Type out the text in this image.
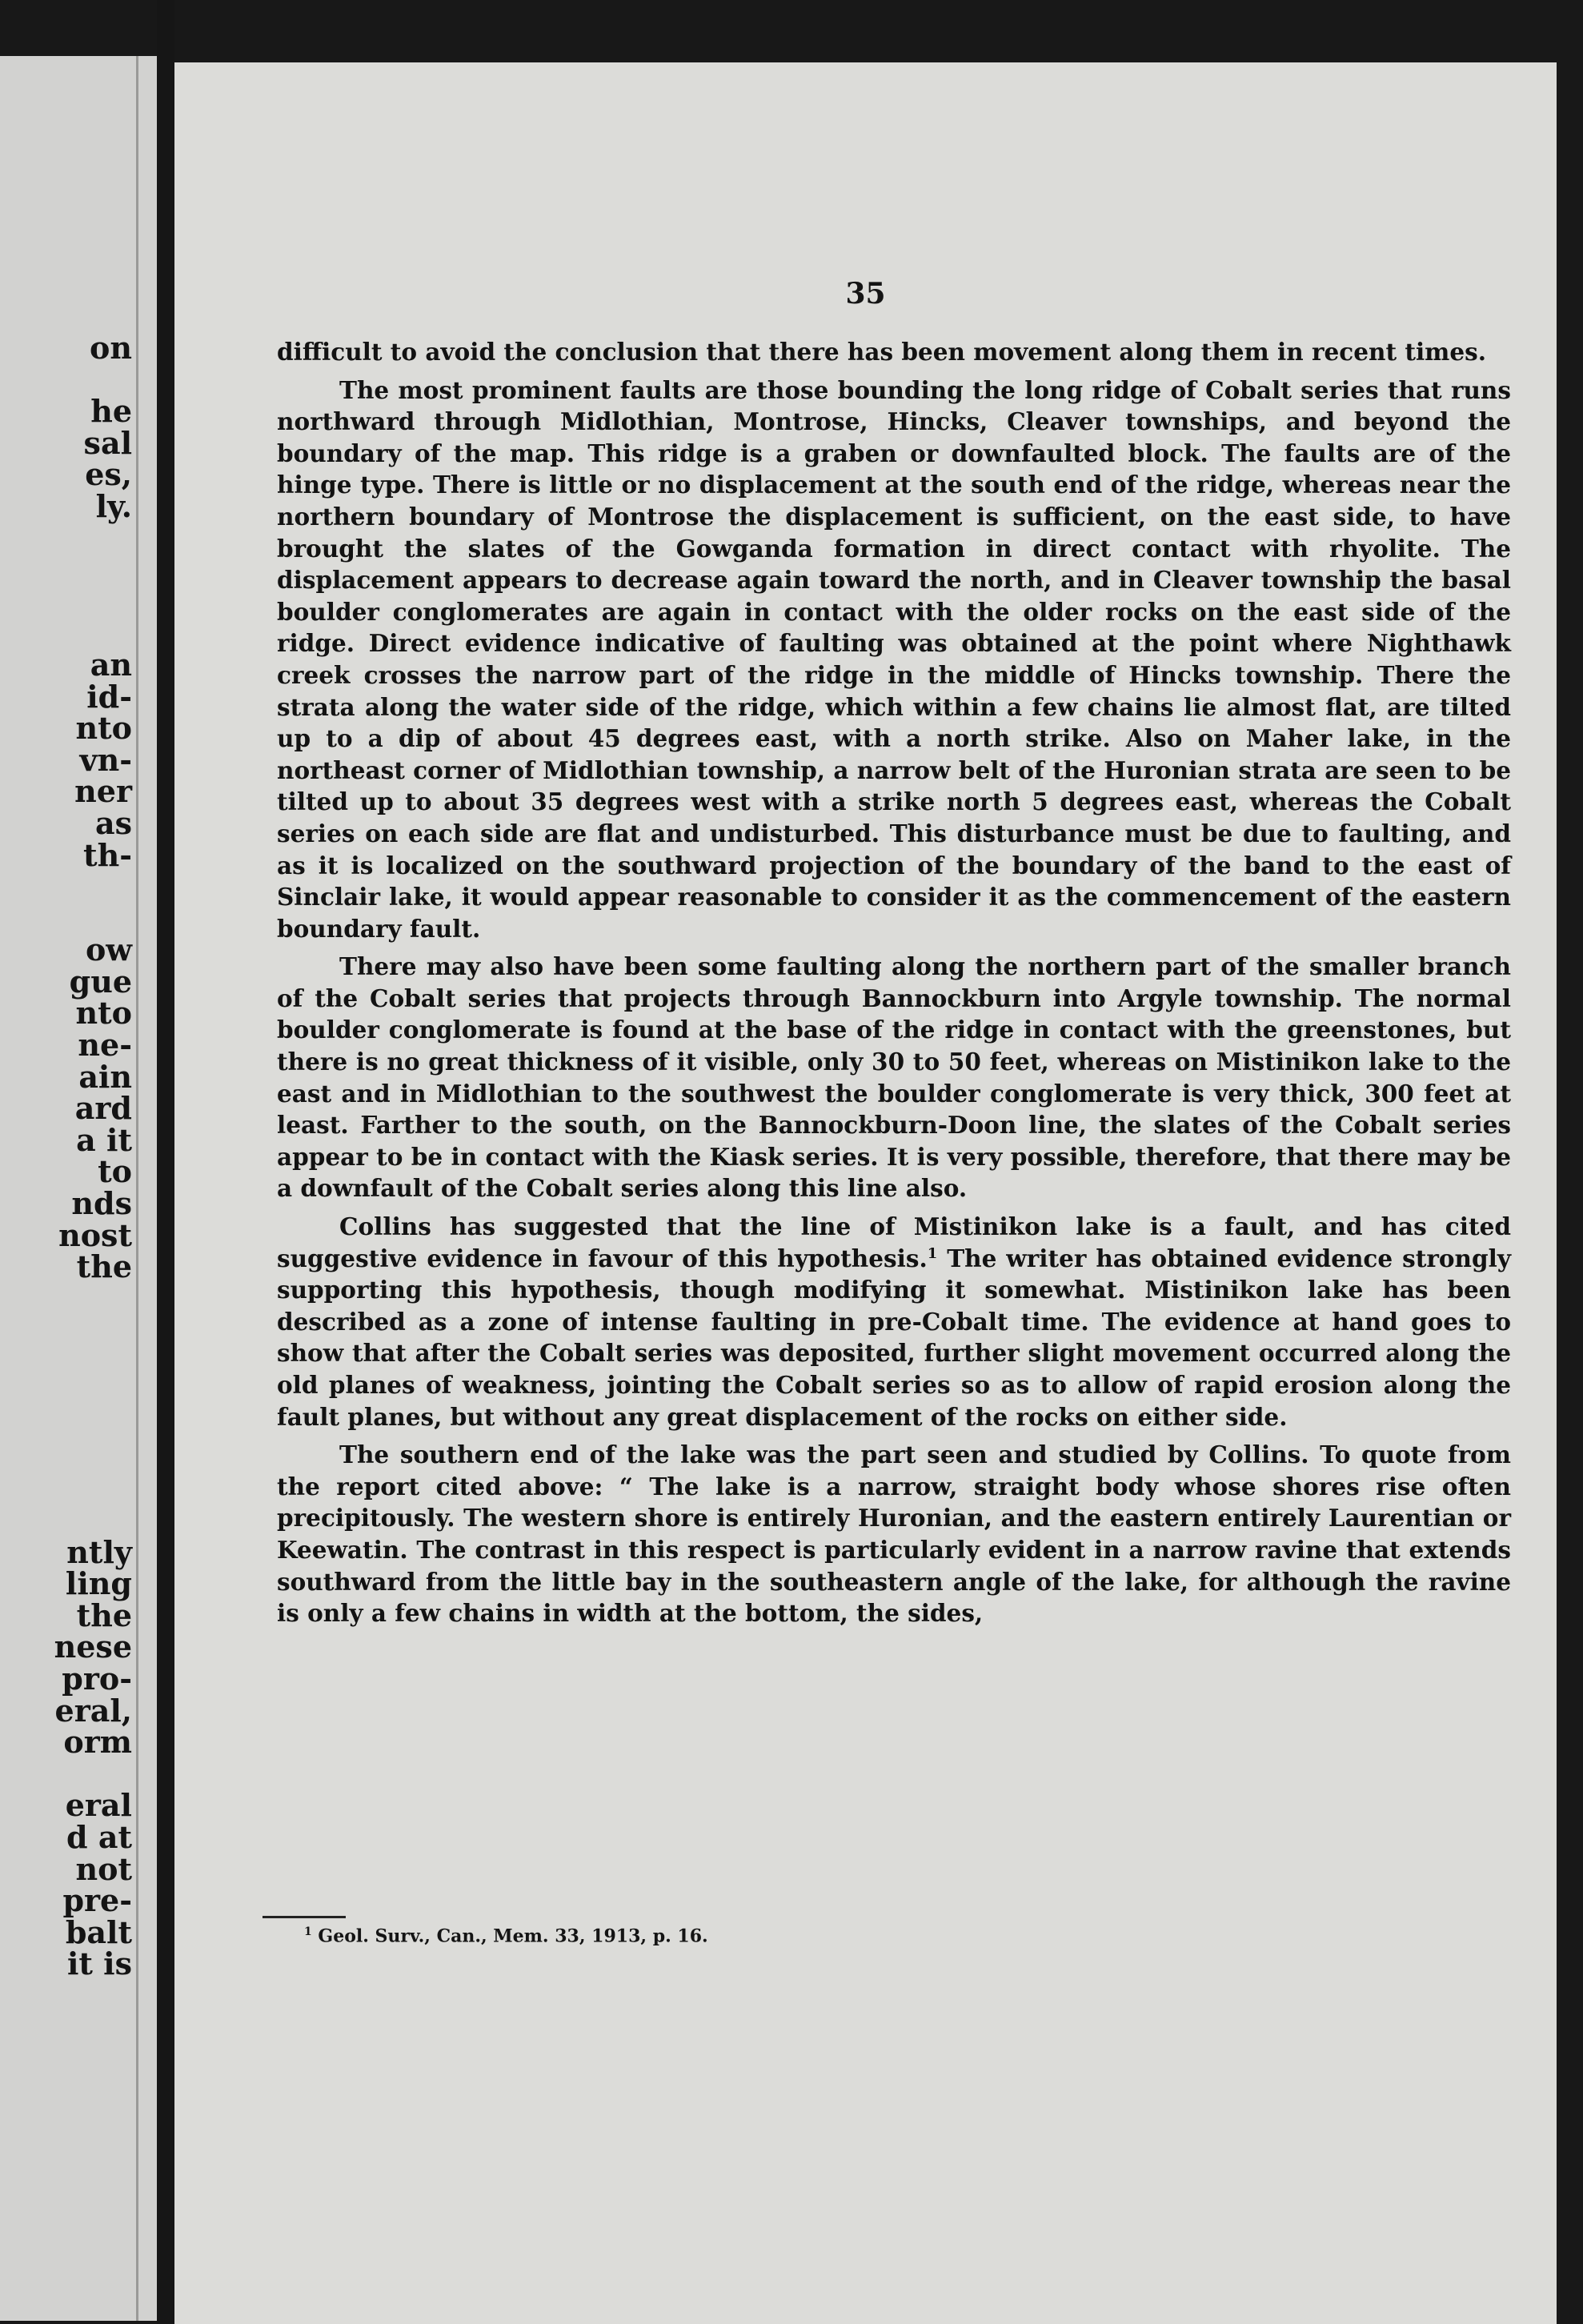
on
he
sal
es,
ly.
an
id-
nto
vn-
ner
as
th-
ow
gue
nto
ne-
ain
ard
a it
to
nds
nost
the
ntly
ling
the
nese
pro-
eral,
orm
eral
d at
not
pre-
balt
it is
35

difficult to avoid the conclusion that there has been movement along them in recent times.

The most prominent faults are those bounding the long ridge of Cobalt series that runs northward through Midlothian, Montrose, Hincks, Cleaver townships, and beyond the boundary of the map. This ridge is a graben or downfaulted block. The faults are of the hinge type. There is little or no displacement at the south end of the ridge, whereas near the northern boundary of Montrose the displacement is sufficient, on the east side, to have brought the slates of the Gowganda formation in direct contact with rhyolite. The displacement appears to decrease again toward the north, and in Cleaver township the basal boulder conglomerates are again in contact with the older rocks on the east side of the ridge. Direct evidence indicative of faulting was obtained at the point where Nighthawk creek crosses the narrow part of the ridge in the middle of Hincks township. There the strata along the water side of the ridge, which within a few chains lie almost flat, are tilted up to a dip of about 45 degrees east, with a north strike. Also on Maher lake, in the northeast corner of Midlothian township, a narrow belt of the Huronian strata are seen to be tilted up to about 35 degrees west with a strike north 5 degrees east, whereas the Cobalt series on each side are flat and undisturbed. This disturbance must be due to faulting, and as it is localized on the southward projection of the boundary of the band to the east of Sinclair lake, it would appear reasonable to consider it as the commencement of the eastern boundary fault.

There may also have been some faulting along the northern part of the smaller branch of the Cobalt series that projects through Bannockburn into Argyle township. The normal boulder conglomerate is found at the base of the ridge in contact with the greenstones, but there is no great thickness of it visible, only 30 to 50 feet, whereas on Mistinikon lake to the east and in Midlothian to the southwest the boulder conglomerate is very thick, 300 feet at least. Farther to the south, on the Bannockburn-Doon line, the slates of the Cobalt series appear to be in contact with the Kiask series. It is very possible, therefore, that there may be a downfault of the Cobalt series along this line also.

Collins has suggested that the line of Mistinikon lake is a fault, and has cited suggestive evidence in favour of this hypothesis.$^1$ The writer has obtained evidence strongly supporting this hypothesis, though modifying it somewhat. Mistinikon lake has been described as a zone of intense faulting in pre-Cobalt time. The evidence at hand goes to show that after the Cobalt series was deposited, further slight movement occurred along the old planes of weakness, jointing the Cobalt series so as to allow of rapid erosion along the fault planes, but without any great displacement of the rocks on either side.

The southern end of the lake was the part seen and studied by Collins. To quote from the report cited above: “ The lake is a narrow, straight body whose shores rise often precipitously. The western shore is entirely Huronian, and the eastern entirely Laurentian or Keewatin. The contrast in this respect is particularly evident in a narrow ravine that extends southward from the little bay in the southeastern angle of the lake, for although the ravine is only a few chains in width at the bottom, the sides,

$^1$ Geol. Surv., Can., Mem. 33, 1913, p. 16.
